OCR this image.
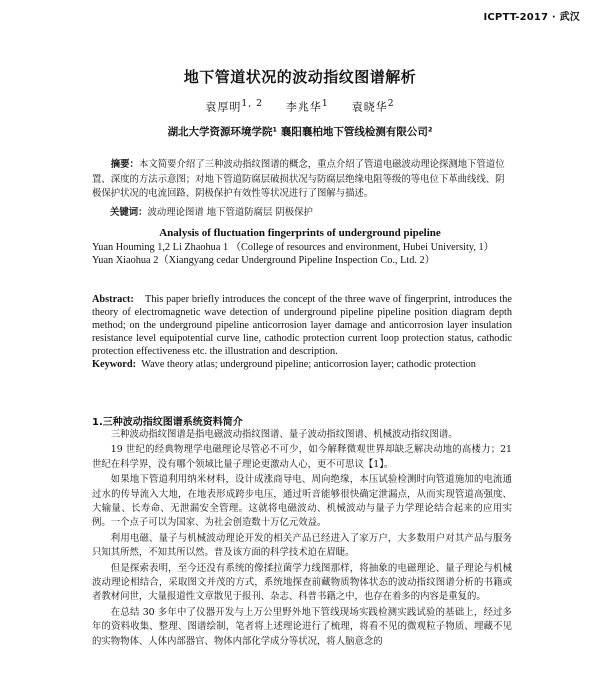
ICPTT-2017 · 武汉
地下管道状况的波动指纹图谱解析
袁厚明$^{1, 2}$ 李兆华$^1$ 袁晓华$^2$
湖北大学资源环境学院¹ 襄阳襄柏地下管线检测有限公司²
摘要：本文简要介绍了三种波动指纹图谱的概念，重点介绍了管道电磁波动理论探测地下管道位置、深度的方法示意图；对地下管道防腐层破损状况与防腐层绝缘电阻等级的等电位下革曲线线、阴极保护状况的电流回路、阴极保护有效性等状况进行了图解与描述。
关键词：波动理论图谱 地下管道防腐层 阴极保护
Analysis of fluctuation fingerprints of underground pipeline
Yuan Houming 1,2 Li Zhaohua 1 （College of resources and environment, Hubei University, 1）
Yuan Xiaohua 2（Xiangyang cedar Underground Pipeline Inspection Co., Ltd. 2）

Abstract: This paper briefly introduces the concept of the three wave of fingerprint, introduces the theory of electromagnetic wave detection of underground pipeline pipeline position diagram depth method; on the underground pipeline anticorrosion layer damage and anticorrosion layer insulation resistance level equipotential curve line, cathodic protection current loop protection status, cathodic protection effectiveness etc. the illustration and description.

Keyword: Wave theory atlas; underground pipeline; anticorrosion layer; cathodic protection

1.三种波动指纹图谱系统资料简介

三种波动指纹图谱是指电磁波动指纹图谱、量子波动指纹图谱、机械波动指纹图谱。

19 世纪的经典物理学电磁理论尽管必不可少，如今解释微观世界却缺乏解决动地的高楼力；21 世纪在科学界，没有哪个领域比量子理论更激动人心，更不可思议【1】。

如果地下管道利用纳米材料，设计成涨商导电、周向绝缘，本压试验检测时向管道施加的电流通过水的传导流入大地，在地表形成跨步电压，通过听音能够很快确定泄漏点，从而实现管道高强度、大输量、长寿命、无泄漏安全管理。这就将电磁波动、机械波动与量子力学理论结合起来的应用实例。一个点子可以为国家、为社会创造数十万亿元效益。

利用电磁、量子与机械波动理论开发的相关产品已经进入了家万户，大多数用户对其产品与服务只知其所然，不知其所以然。普及该方面的科学技术迫在眉睫。

但是探索表明，至今还没有系统的像揉拉菌学力线图那样，将抽象的电磁理论、量子理论与机械波动理论相结合，采取图文并茂的方式，系统地探查前藏物质物体状态的波动指纹图谱分析的书籍或者教材问世，大量报道性文章散见于报刊、杂志、科普书籍之中，也存在着多的内容是重复的。

在总结 30 多年中了仪器开发与上万公里野外地下管线现场实践检测实践试验的基础上，经过多年的资料收集、整理、图谱绘制，笔者将上述理论进行了梳理，将看不见的微观粒子物质、埋藏不见的实物物体、人体内部器官、物体内部化学成分等状况，将人脑意念的
